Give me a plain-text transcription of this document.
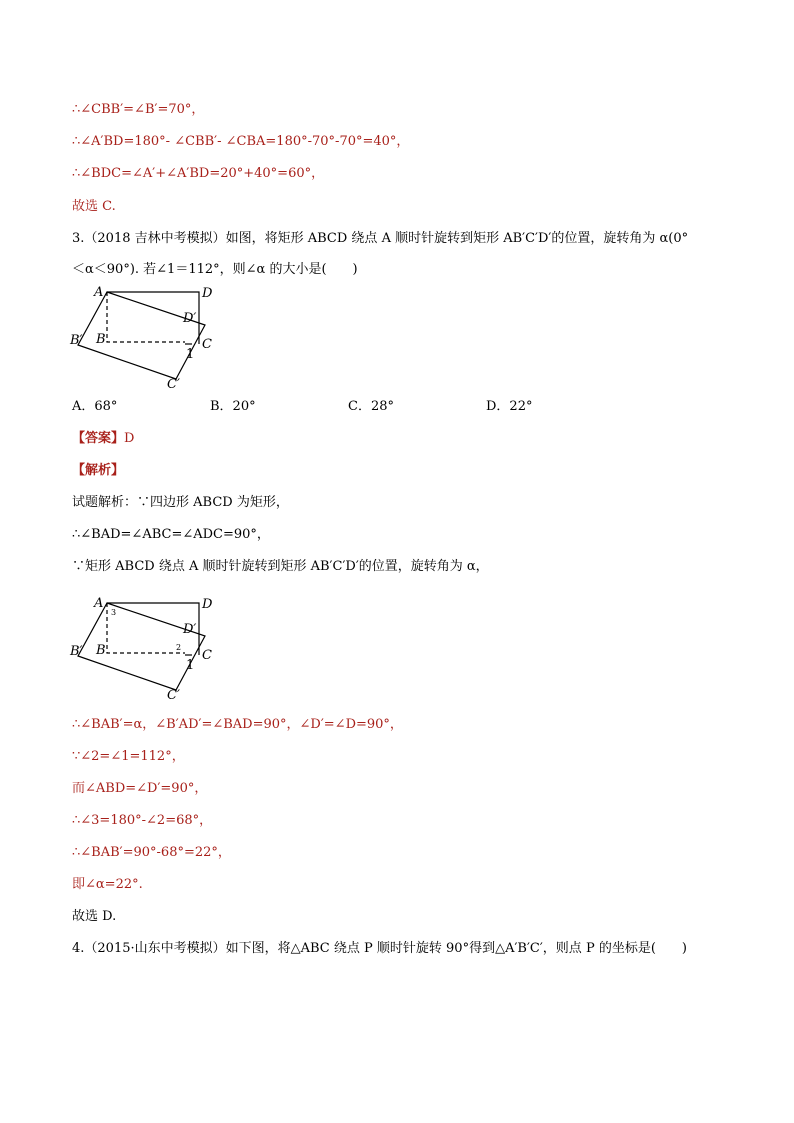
∴∠CBB′=∠B′=70°，
∴∠A′BD=180°- ∠CBB′- ∠CBA=180°-70°-70°=40°，
∴∠BDC=∠A′+∠A′BD=20°+40°=60°，
故选 C.
3.（2018 吉林中考模拟）如图，将矩形 ABCD 绕点 A 顺时针旋转到矩形 AB′C′D′的位置，旋转角为 α(0°
＜α＜90°). 若∠1＝112°，则∠α 的大小是(　　)
A	D
D′
B′ B	C
1
C′
A．68°	B．20°	C．28°	D．22°
【答案】D
【解析】
试题解析：∵四边形 ABCD 为矩形，
∴∠BAD=∠ABC=∠ADC=90°，
∵矩形 ABCD 绕点 A 顺时针旋转到矩形 AB′C′D′的位置，旋转角为 α，
A
3
D
D′
B′ B	2
C
1
C′
∴∠BAB′=α，∠B′AD′=∠BAD=90°，∠D′=∠D=90°，
∵∠2=∠1=112°，
而∠ABD=∠D′=90°，
∴∠3=180°-∠2=68°，
∴∠BAB′=90°-68°=22°，
即∠α=22°.
故选 D.
4.（2015·山东中考模拟）如下图，将△ABC 绕点 P 顺时针旋转 90°得到△A′B′C′，则点 P 的坐标是(　　)
